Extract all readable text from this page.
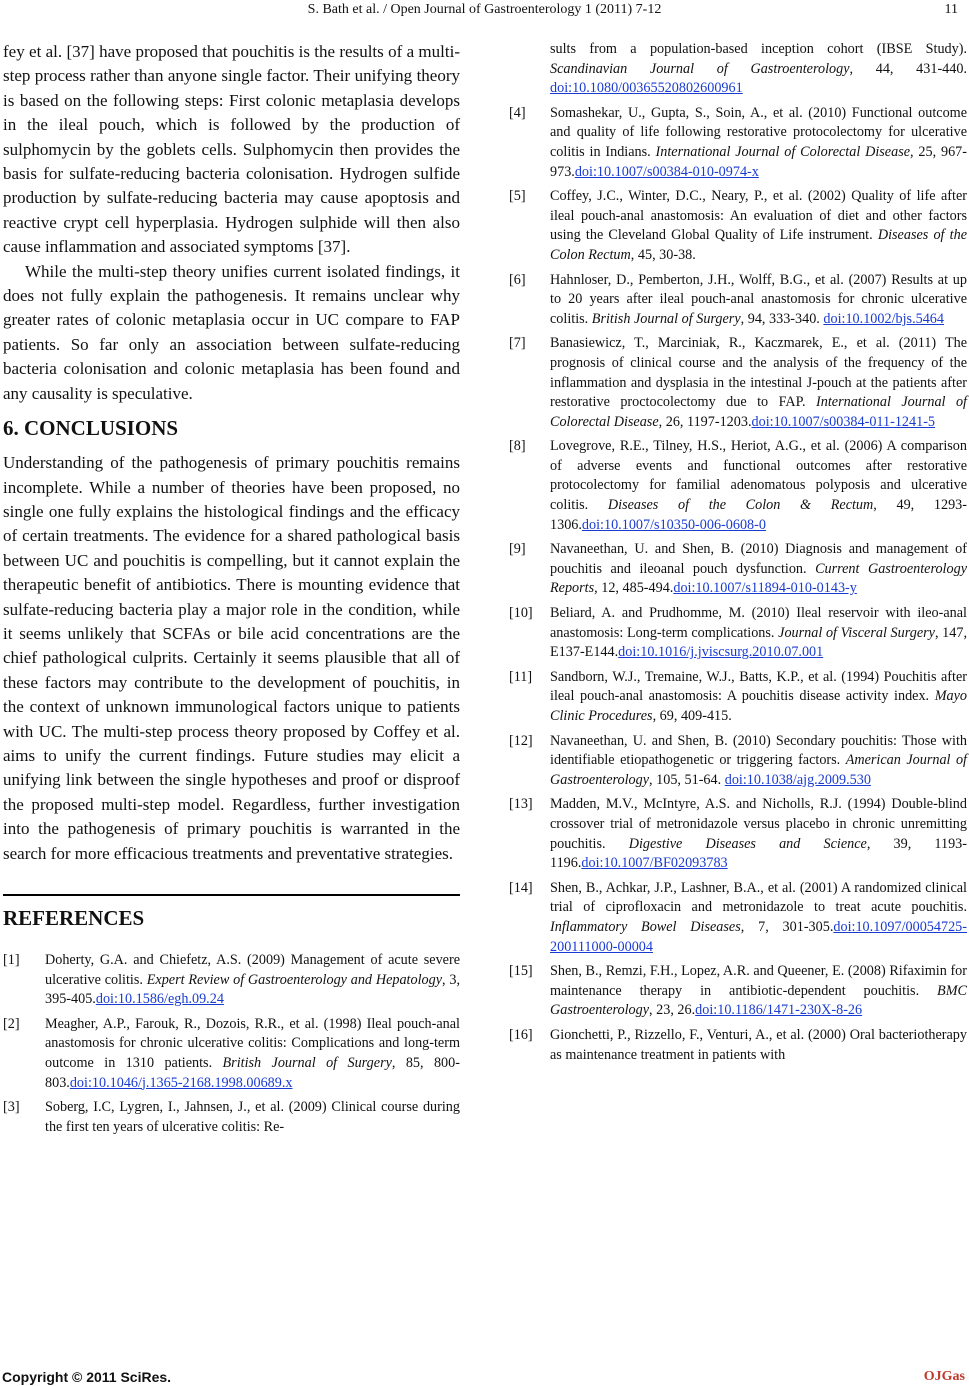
S. Bath et al. / Open Journal of Gastroenterology 1 (2011) 7-12	11

fey et al. [37] have proposed that pouchitis is the results of a multi-step process rather than anyone single factor. Their unifying theory is based on the following steps: First colonic metaplasia develops in the ileal pouch, which is followed by the production of sulphomycin by the goblets cells. Sulphomycin then provides the basis for sulfate-reducing bacteria colonisation. Hydrogen sulfide production by sulfate-reducing bacteria may cause apoptosis and reactive crypt cell hyperplasia. Hydrogen sulphide will then also cause inflammation and associated symptoms [37].

While the multi-step theory unifies current isolated findings, it does not fully explain the pathogenesis. It remains unclear why greater rates of colonic metaplasia occur in UC compare to FAP patients. So far only an association between sulfate-reducing bacteria colonisation and colonic metaplasia has been found and any causality is speculative.

6. CONCLUSIONS

Understanding of the pathogenesis of primary pouchitis remains incomplete. While a number of theories have been proposed, no single one fully explains the histological findings and the efficacy of certain treatments. The evidence for a shared pathological basis between UC and pouchitis is compelling, but it cannot explain the therapeutic benefit of antibiotics. There is mounting evidence that sulfate-reducing bacteria play a major role in the condition, while it seems unlikely that SCFAs or bile acid concentrations are the chief pathological culprits. Certainly it seems plausible that all of these factors may contribute to the development of pouchitis, in the context of unknown immunological factors unique to patients with UC. The multi-step process theory proposed by Coffey et al. aims to unify the current findings. Future studies may elicit a unifying link between the single hypotheses and proof or disproof the proposed multi-step model. Regardless, further investigation into the pathogenesis of primary pouchitis is warranted in the search for more efficacious treatments and preventative strategies.

REFERENCES
[1] Doherty, G.A. and Chiefetz, A.S. (2009) Management of acute severe ulcerative colitis. Expert Review of Gastroenterology and Hepatology, 3, 395-405.doi:10.1586/egh.09.24
[2] Meagher, A.P., Farouk, R., Dozois, R.R., et al. (1998) Ileal pouch-anal anastomosis for chronic ulcerative colitis: Complications and long-term outcome in 1310 patients. British Journal of Surgery, 85, 800-803.doi:10.1046/j.1365-2168.1998.00689.x
[3] Soberg, I.C, Lygren, I., Jahnsen, J., et al. (2009) Clinical course during the first ten years of ulcerative colitis: Re-
sults from a population-based inception cohort (IBSE Study). Scandinavian Journal of Gastroenterology, 44, 431-440. doi:10.1080/00365520802600961
[4] Somashekar, U., Gupta, S., Soin, A., et al. (2010) Functional outcome and quality of life following restorative protocolectomy for ulcerative colitis in Indians. International Journal of Colorectal Disease, 25, 967-973.doi:10.1007/s00384-010-0974-x
[5] Coffey, J.C., Winter, D.C., Neary, P., et al. (2002) Quality of life after ileal pouch-anal anastomosis: An evaluation of diet and other factors using the Cleveland Global Quality of Life instrument. Diseases of the Colon Rectum, 45, 30-38.
[6] Hahnloser, D., Pemberton, J.H., Wolff, B.G., et al. (2007) Results at up to 20 years after ileal pouch-anal anastomosis for chronic ulcerative colitis. British Journal of Surgery, 94, 333-340. doi:10.1002/bjs.5464
[7] Banasiewicz, T., Marciniak, R., Kaczmarek, E., et al. (2011) The prognosis of clinical course and the analysis of the frequency of the inflammation and dysplasia in the intestinal J-pouch at the patients after restorative proctocolectomy due to FAP. International Journal of Colorectal Disease, 26, 1197-1203.doi:10.1007/s00384-011-1241-5
[8] Lovegrove, R.E., Tilney, H.S., Heriot, A.G., et al. (2006) A comparison of adverse events and functional outcomes after restorative protocolectomy for familial adenomatous polyposis and ulcerative colitis. Diseases of the Colon & Rectum, 49, 1293-1306.doi:10.1007/s10350-006-0608-0
[9] Navaneethan, U. and Shen, B. (2010) Diagnosis and management of pouchitis and ileoanal pouch dysfunction. Current Gastroenterology Reports, 12, 485-494.doi:10.1007/s11894-010-0143-y
[10] Beliard, A. and Prudhomme, M. (2010) Ileal reservoir with ileo-anal anastomosis: Long-term complications. Journal of Visceral Surgery, 147, E137-E144.doi:10.1016/j.jviscsurg.2010.07.001
[11] Sandborn, W.J., Tremaine, W.J., Batts, K.P., et al. (1994) Pouchitis after ileal pouch-anal anastomosis: A pouchitis disease activity index. Mayo Clinic Procedures, 69, 409-415.
[12] Navaneethan, U. and Shen, B. (2010) Secondary pouchitis: Those with identifiable etiopathogenetic or triggering factors. American Journal of Gastroenterology, 105, 51-64. doi:10.1038/ajg.2009.530
[13] Madden, M.V., McIntyre, A.S. and Nicholls, R.J. (1994) Double-blind crossover trial of metronidazole versus placebo in chronic unremitting pouchitis. Digestive Diseases and Science, 39, 1193-1196.doi:10.1007/BF02093783
[14] Shen, B., Achkar, J.P., Lashner, B.A., et al. (2001) A randomized clinical trial of ciprofloxacin and metronidazole to treat acute pouchitis. Inflammatory Bowel Diseases, 7, 301-305.doi:10.1097/00054725-200111000-00004
[15] Shen, B., Remzi, F.H., Lopez, A.R. and Queener, E. (2008) Rifaximin for maintenance therapy in antibiotic-dependent pouchitis. BMC Gastroenterology, 23, 26.doi:10.1186/1471-230X-8-26
[16] Gionchetti, P., Rizzello, F., Venturi, A., et al. (2000) Oral bacteriotherapy as maintenance treatment in patients with
Copyright © 2011 SciRes.	OJGas
